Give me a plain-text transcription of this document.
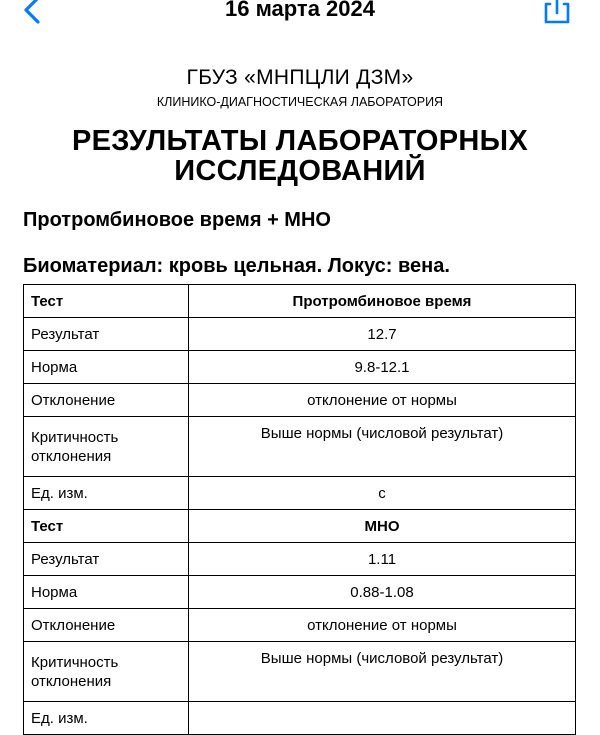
16 марта 2024
ГБУЗ «МНПЦЛИ ДЗМ»
КЛИНИКО-ДИАГНОСТИЧЕСКАЯ ЛАБОРАТОРИЯ
РЕЗУЛЬТАТЫ ЛАБОРАТОРНЫХ
ИССЛЕДОВАНИЙ
Протромбиновое время + МНО
Биоматериал: кровь цельная. Локус: вена.
Тест	Протромбиновое время
Результат	12.7
Норма	9.8-12.1
Отклонение	отклонение от нормы
Критичность отклонения	Выше нормы (числовой результат)
Ед. изм.	с
Тест	МНО
Результат	1.11
Норма	0.88-1.08
Отклонение	отклонение от нормы
Критичность отклонения	Выше нормы (числовой результат)
Ед. изм.	
